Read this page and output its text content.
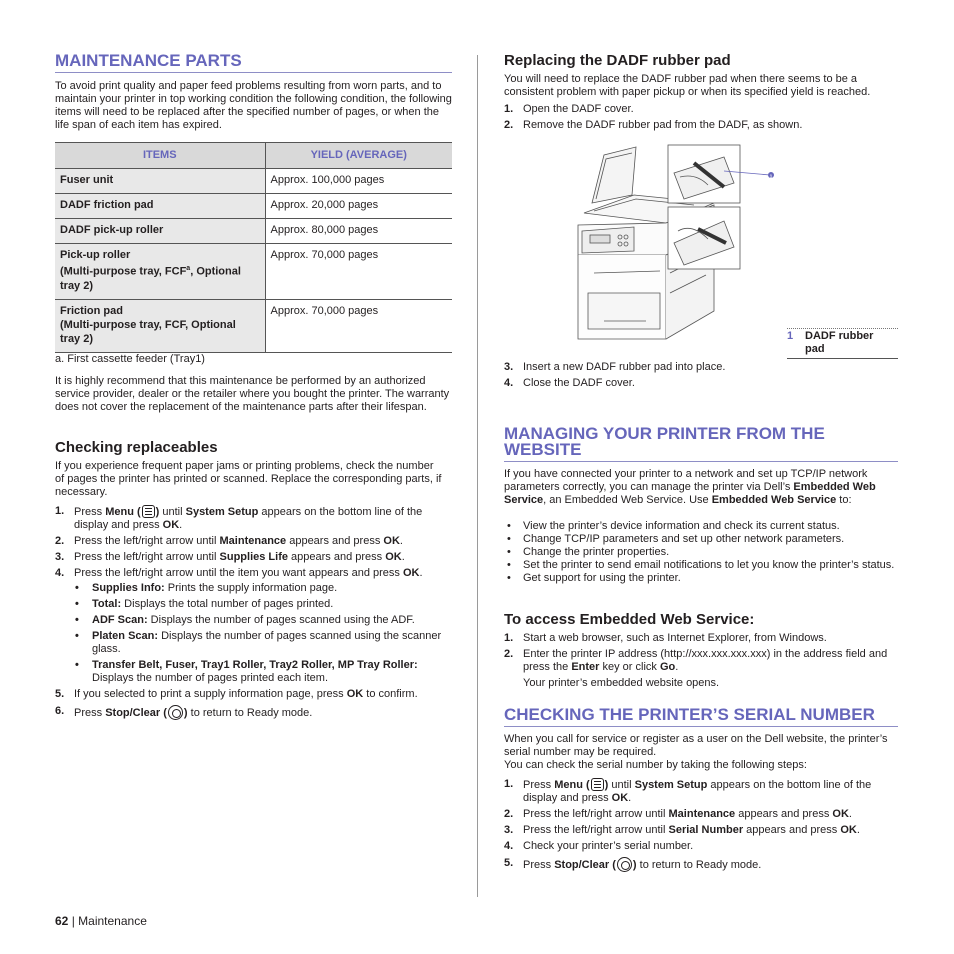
MAINTENANCE PARTS

To avoid print quality and paper feed problems resulting from worn parts, and to maintain your printer in top working condition the following condition, the following items will need to be replaced after the specified number of pages, or when the life span of each item has expired.

ITEMS	YIELD (AVERAGE)
Fuser unit	Approx. 100,000 pages
DADF friction pad	Approx. 20,000 pages
DADF pick-up roller	Approx. 80,000 pages
Pick-up roller
(Multi-purpose tray, FCF$^a$, Optional
tray 2)	Approx. 70,000 pages
Friction pad
(Multi-purpose tray, FCF, Optional
tray 2)	Approx. 70,000 pages

a. First cassette feeder (Tray1)

It is highly recommend that this maintenance be performed by an authorized service provider, dealer or the retailer where you bought the printer. The warranty does not cover the replacement of the maintenance parts after their lifespan.

Checking replaceables

If you experience frequent paper jams or printing problems, check the number of pages the printer has printed or scanned. Replace the corresponding parts, if necessary.

1. Press Menu ( ) until System Setup appears on the bottom line of the display and press OK.
2. Press the left/right arrow until Maintenance appears and press OK.
3. Press the left/right arrow until Supplies Life appears and press OK.
4. Press the left/right arrow until the item you want appears and press OK.
• Supplies Info: Prints the supply information page.
• Total: Displays the total number of pages printed.
• ADF Scan: Displays the number of pages scanned using the ADF.
• Platen Scan: Displays the number of pages scanned using the scanner glass.
• Transfer Belt, Fuser, Tray1 Roller, Tray2 Roller, MP Tray Roller: Displays the number of pages printed each item.
5. If you selected to print a supply information page, press OK to confirm.
6. Press Stop/Clear ( ) to return to Ready mode.
Replacing the DADF rubber pad

You will need to replace the DADF rubber pad when there seems to be a consistent problem with paper pickup or when its specified yield is reached.

1. Open the DADF cover.
2. Remove the DADF rubber pad from the DADF, as shown.
1
1 DADF rubber pad
3. Insert a new DADF rubber pad into place.
4. Close the DADF cover.
MANAGING YOUR PRINTER FROM THE WEBSITE

If you have connected your printer to a network and set up TCP/IP network parameters correctly, you can manage the printer via Dell’s Embedded Web Service, an Embedded Web Service. Use Embedded Web Service to:

• View the printer’s device information and check its current status.
• Change TCP/IP parameters and set up other network parameters.
• Change the printer properties.
• Set the printer to send email notifications to let you know the printer’s status.
• Get support for using the printer.
To access Embedded Web Service:
1. Start a web browser, such as Internet Explorer, from Windows.
2. Enter the printer IP address (http://xxx.xxx.xxx.xxx) in the address field and press the Enter key or click Go.
Your printer’s embedded website opens.
CHECKING THE PRINTER’S SERIAL NUMBER

When you call for service or register as a user on the Dell website, the printer’s serial number may be required.

You can check the serial number by taking the following steps:

1. Press Menu ( ) until System Setup appears on the bottom line of the display and press OK.
2. Press the left/right arrow until Maintenance appears and press OK.
3. Press the left/right arrow until Serial Number appears and press OK.
4. Check your printer’s serial number.
5. Press Stop/Clear ( ) to return to Ready mode.
62 | Maintenance
